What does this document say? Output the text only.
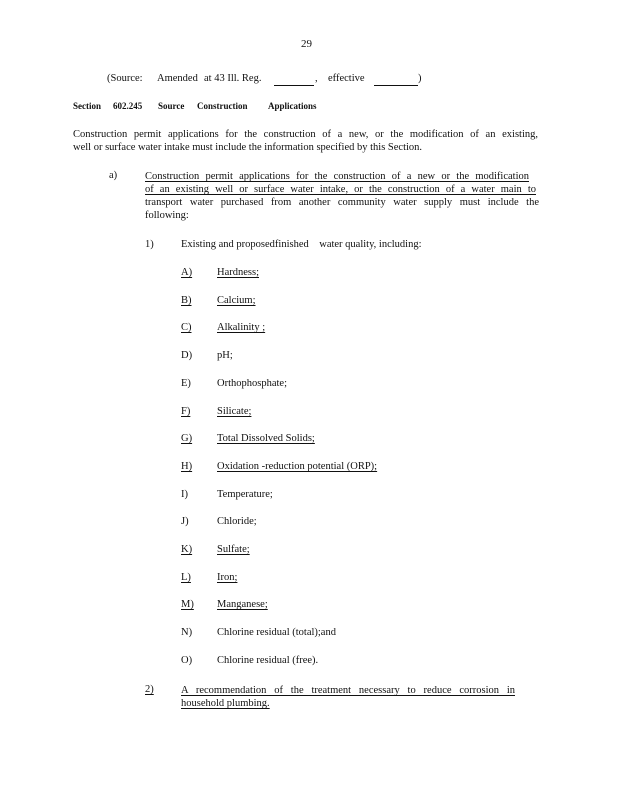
29
(Source: Amended at 43 Ill. Reg.	, effective	)
Section 602.245 Source Construction Applications
Construction permit applications for the construction of a new, or the modification of an existing,
well or surface water intake must include the information specified by this Section.
a)	Construction permit applications for the construction of a new or the modification
of an existing well or surface water intake, or the construction of a water main to
transport water purchased from another community water supply must include the
following:
1)	Existing and proposedfinished water quality, including:
A) Hardness;
B) Calcium;
C) Alkalinity ;
D) pH;
E) Orthophosphate;
F)	Silicate;
G) Total Dissolved Solids;
H) Oxidation -reduction potential (ORP);
I)	Temperature;
J)	Chloride;
K) Sulfate;
L) Iron;
M) Manganese;
N) Chlorine residual (total);and
O) Chlorine residual (free).
2)	A recommendation of the treatment necessary to reduce corrosion in
household plumbing.
